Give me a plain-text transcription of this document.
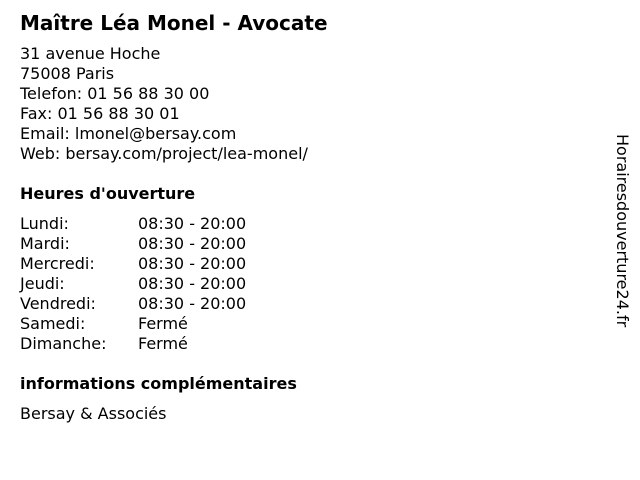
Maître Léa Monel - Avocate
31 avenue Hoche
75008 Paris
Telefon: 01 56 88 30 00
Fax: 01 56 88 30 01
Email: lmonel@bersay.com
Web: bersay.com/project/lea-monel/
Heures d'ouverture
Lundi:	08:30 - 20:00
Mardi:	08:30 - 20:00
Mercredi:	08:30 - 20:00
Jeudi:	08:30 - 20:00
Vendredi:	08:30 - 20:00
Samedi:	Fermé
Dimanche:	Fermé
informations complémentaires
Bersay & Associés
Horairesdouverture24.fr
